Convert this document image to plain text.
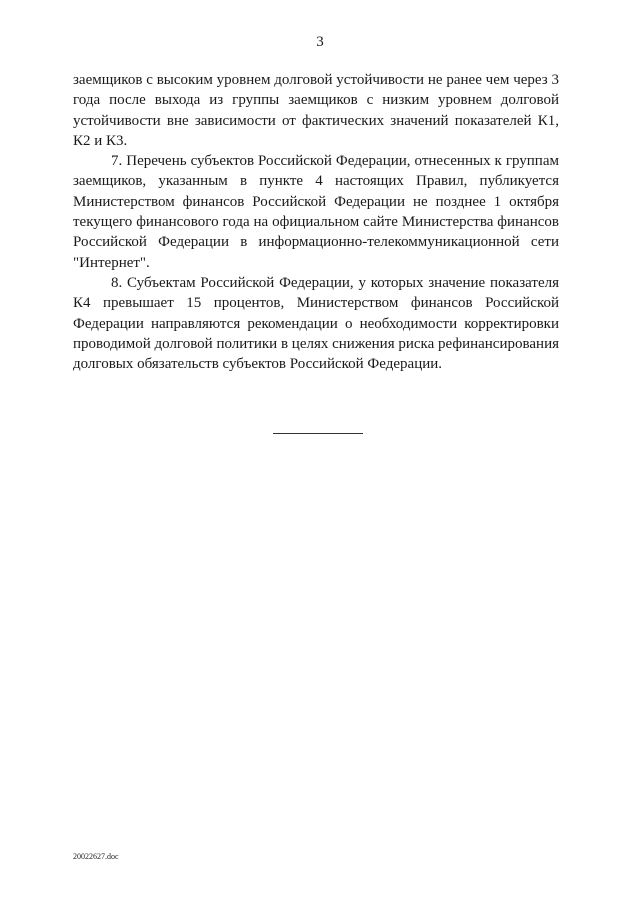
3

заемщиков с высоким уровнем долговой устойчивости не ранее чем через 3 года после выхода из группы заемщиков с низким уровнем долговой устойчивости вне зависимости от фактических значений показателей К1, К2 и К3.

7. Перечень субъектов Российской Федерации, отнесенных к группам заемщиков, указанным в пункте 4 настоящих Правил, публикуется Министерством финансов Российской Федерации не позднее 1 октября текущего финансового года на официальном сайте Министерства финансов Российской Федерации в информационно-телекоммуникационной сети "Интернет".

8. Субъектам Российской Федерации, у которых значение показателя К4 превышает 15 процентов, Министерством финансов Российской Федерации направляются рекомендации о необходимости корректировки проводимой долговой политики в целях снижения риска рефинансирования долговых обязательств субъектов Российской Федерации.

20022627.doc
